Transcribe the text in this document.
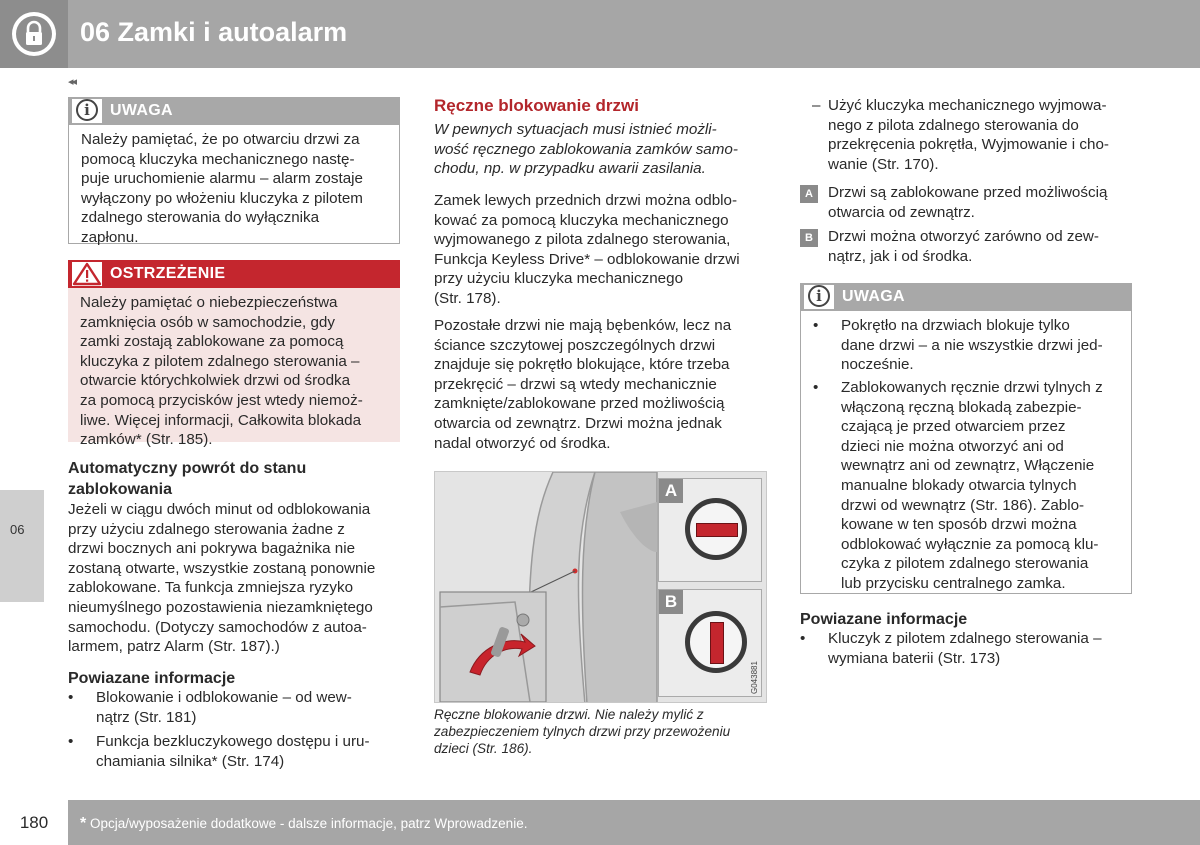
06 Zamki i autoalarm
◂◂
06
i	UWAGA
Należy pamiętać, że po otwarciu drzwi za
pomocą kluczyka mechanicznego nastę-
puje uruchomienie alarmu – alarm zostaje
wyłączony po włożeniu kluczyka z pilotem
zdalnego sterowania do wyłącznika
zapłonu.
OSTRZEŻENIE
Należy pamiętać o niebezpieczeństwa
zamknięcia osób w samochodzie, gdy
zamki zostają zablokowane za pomocą
kluczyka z pilotem zdalnego sterowania –
otwarcie którychkolwiek drzwi od środka
za pomocą przycisków jest wtedy niemoż-
liwe. Więcej informacji, Całkowita blokada
zamków* (Str. 185).
Automatyczny powrót do stanu
zablokowania
Jeżeli w ciągu dwóch minut od odblokowania
przy użyciu zdalnego sterowania żadne z
drzwi bocznych ani pokrywa bagażnika nie
zostaną otwarte, wszystkie zostaną ponownie
zablokowane. Ta funkcja zmniejsza ryzyko
nieumyślnego pozostawienia niezamkniętego
samochodu. (Dotyczy samochodów z autoa-
larmem, patrz Alarm (Str. 187).)
Powiazane informacje
• Blokowanie i odblokowanie – od wew-
nątrz (Str. 181)
• Funkcja bezkluczykowego dostępu i uru-
chamiania silnika* (Str. 174)
Ręczne blokowanie drzwi
W pewnych sytuacjach musi istnieć możli-
wość ręcznego zablokowania zamków samo-
chodu, np. w przypadku awarii zasilania.
Zamek lewych przednich drzwi można odblo-
kować za pomocą kluczyka mechanicznego
wyjmowanego z pilota zdalnego sterowania,
Funkcja Keyless Drive* – odblokowanie drzwi
przy użyciu kluczyka mechanicznego
(Str. 178).
Pozostałe drzwi nie mają bębenków, lecz na
ściance szczytowej poszczególnych drzwi
znajduje się pokrętło blokujące, które trzeba
przekręcić – drzwi są wtedy mechanicznie
zamknięte/zablokowane przed możliwością
otwarcia od zewnątrz. Drzwi można jednak
nadal otworzyć od środka.
A
B
G043881
Ręczne blokowanie drzwi. Nie należy mylić z
zabezpieczeniem tylnych drzwi przy przewożeniu
dzieci (Str. 186).
– Użyć kluczyka mechanicznego wyjmowa-
nego z pilota zdalnego sterowania do
przekręcenia pokrętła, Wyjmowanie i cho-
wanie (Str. 170).
A Drzwi są zablokowane przed możliwością
otwarcia od zewnątrz.
B Drzwi można otworzyć zarówno od zew-
nątrz, jak i od środka.
i	UWAGA
• Pokrętło na drzwiach blokuje tylko
dane drzwi – a nie wszystkie drzwi jed-
nocześnie.
• Zablokowanych ręcznie drzwi tylnych z
włączoną ręczną blokadą zabezpie-
czającą je przed otwarciem przez
dzieci nie można otworzyć ani od
wewnątrz ani od zewnątrz, Włączenie
manualne blokady otwarcia tylnych
drzwi od wewnątrz (Str. 186). Zablo-
kowane w ten sposób drzwi można
odblokować wyłącznie za pomocą klu-
czyka z pilotem zdalnego sterowania
lub przycisku centralnego zamka.
Powiazane informacje
• Kluczyk z pilotem zdalnego sterowania –
wymiana baterii (Str. 173)
180	* Opcja/wyposażenie dodatkowe - dalsze informacje, patrz Wprowadzenie.
